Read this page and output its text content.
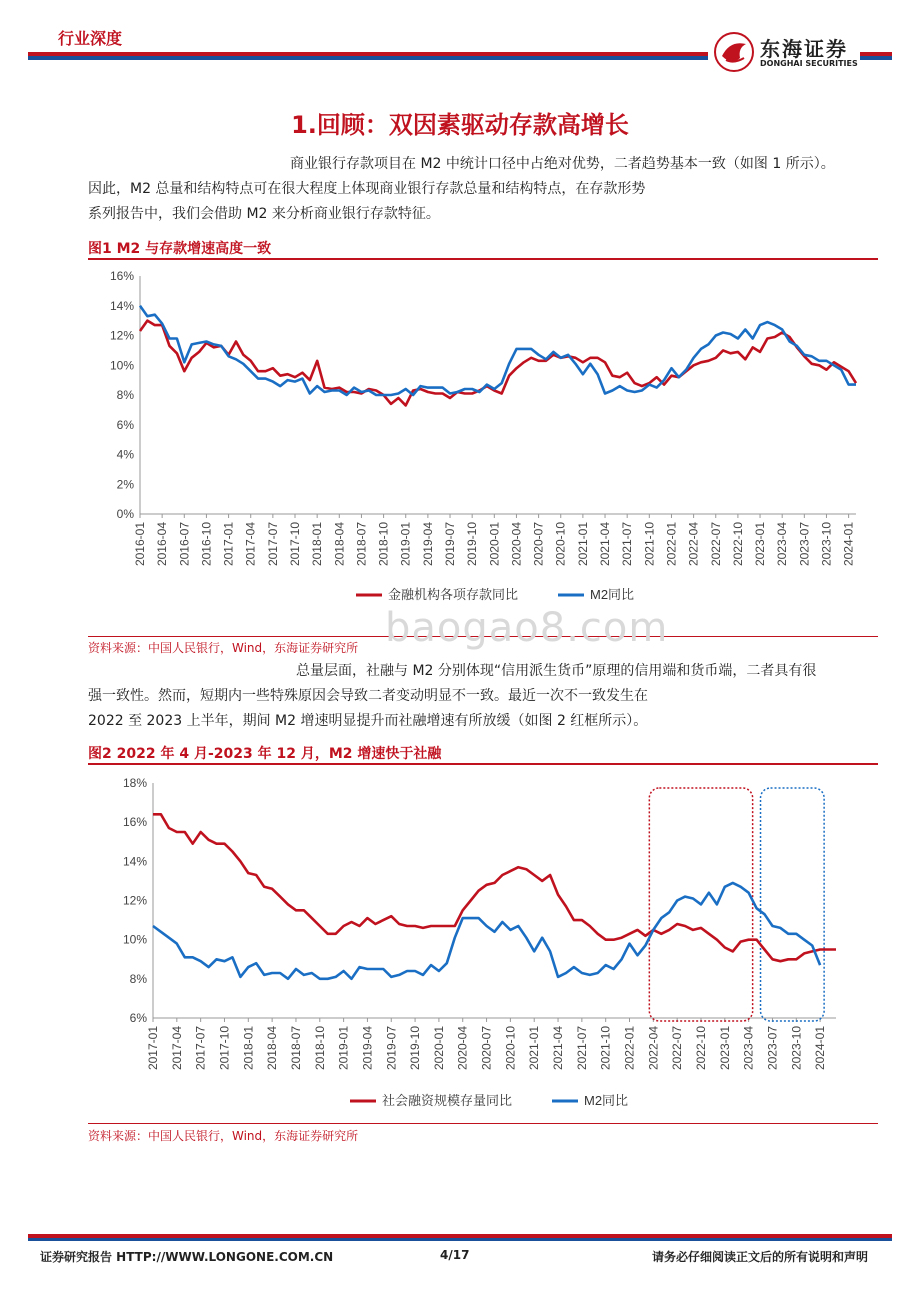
行业深度	东海证券
DONGHAI SECURITIES
1.回顾：双因素驱动存款高增长
商业银行存款项目在 M2 中统计口径中占绝对优势，二者趋势基本一致（如图 1 所示）。
因此，M2 总量和结构特点可在很大程度上体现商业银行存款总量和结构特点，在存款形势
系列报告中，我们会借助 M2 来分析商业银行存款特征。
图1 M2 与存款增速高度一致
0%
2%
4%
6%
8%
10%
12%
14%
16%
2016-01 2016-04 2016-07 2016-10 2017-01 2017-04 2017-07 2017-10 2018-01 2018-04 2018-07 2018-10 2019-01 2019-04 2019-07 2019-10 2020-01 2020-04 2020-07 2020-10 2021-01 2021-04 2021-07 2021-10 2022-01 2022-04 2022-07 2022-10 2023-01 2023-04 2023-07 2023-10 2024-01
金融机构各项存款同比	M2同比
资料来源：中国人民银行，Wind，东海证券研究所 baogao8.com
总量层面，社融与 M2 分别体现“信用派生货币”原理的信用端和货币端，二者具有很
强一致性。然而，短期内一些特殊原因会导致二者变动明显不一致。最近一次不一致发生在
2022 至 2023 上半年，期间 M2 增速明显提升而社融增速有所放缓（如图 2 红框所示）。
图2 2022 年 4 月-2023 年 12 月，M2 增速快于社融
6%
8%
10%
12%
14%
16%
18%
2017-01 2017-04 2017-07 2017-10 2018-01 2018-04 2018-07 2018-10 2019-01 2019-04 2019-07 2019-10 2020-01 2020-04 2020-07 2020-10 2021-01 2021-04 2021-07 2021-10 2022-01 2022-04 2022-07 2022-10 2023-01 2023-04 2023-07 2023-10 2024-01
社会融资规模存量同比	M2同比
资料来源：中国人民银行，Wind，东海证券研究所
证券研究报告 HTTP://WWW.LONGONE.COM.CN	4/17	请务必仔细阅读正文后的所有说明和声明
